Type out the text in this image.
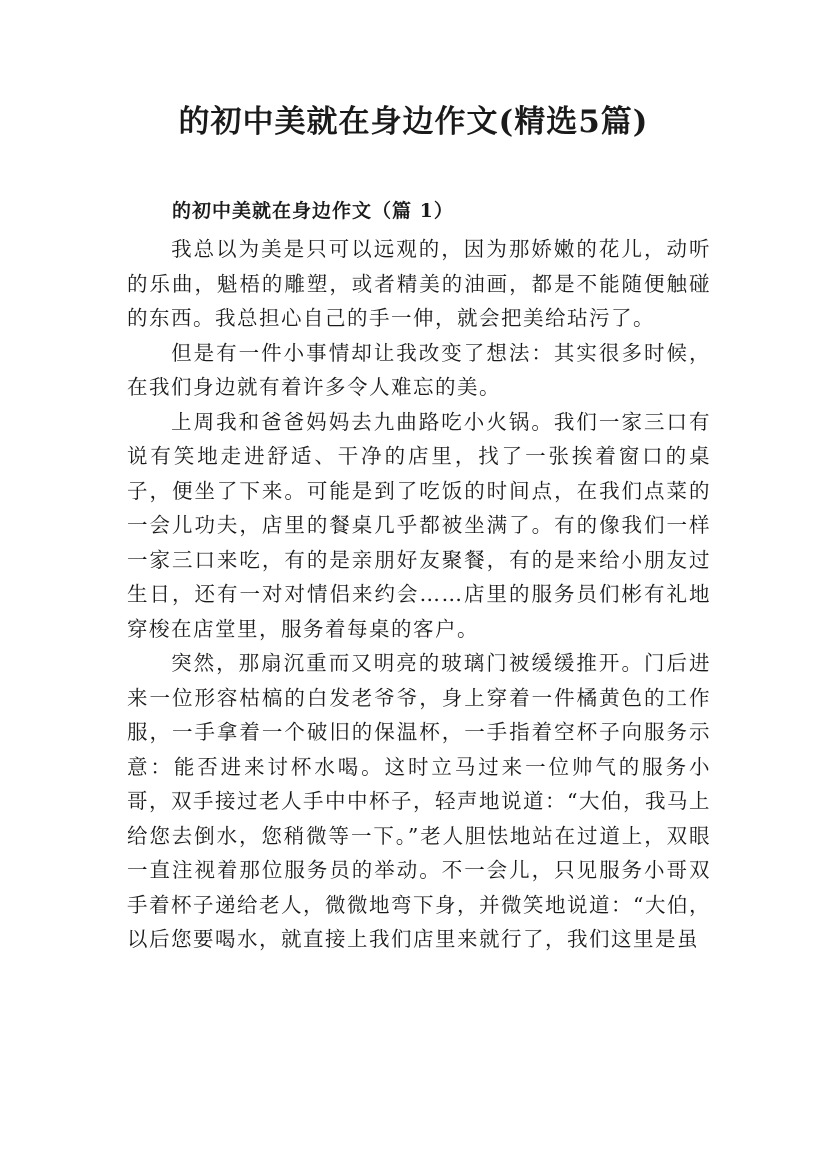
的初中美就在身边作文(精选5篇)
的初中美就在身边作文（篇 1）

我总以为美是只可以远观的，因为那娇嫩的花儿，动听的乐曲，魁梧的雕塑，或者精美的油画，都是不能随便触碰的东西。我总担心自己的手一伸，就会把美给玷污了。

但是有一件小事情却让我改变了想法：其实很多时候，在我们身边就有着许多令人难忘的美。

上周我和爸爸妈妈去九曲路吃小火锅。我们一家三口有说有笑地走进舒适、干净的店里，找了一张挨着窗口的桌子，便坐了下来。可能是到了吃饭的时间点，在我们点菜的一会儿功夫，店里的餐桌几乎都被坐满了。有的像我们一样一家三口来吃，有的是亲朋好友聚餐，有的是来给小朋友过生日，还有一对对情侣来约会……店里的服务员们彬有礼地穿梭在店堂里，服务着每桌的客户。

突然，那扇沉重而又明亮的玻璃门被缓缓推开。门后进来一位形容枯槁的白发老爷爷，身上穿着一件橘黄色的工作服，一手拿着一个破旧的保温杯，一手指着空杯子向服务示意：能否进来讨杯水喝。这时立马过来一位帅气的服务小哥，双手接过老人手中中杯子，轻声地说道：“大伯，我马上给您去倒水，您稍微等一下。”老人胆怯地站在过道上，双眼一直注视着那位服务员的举动。不一会儿，只见服务小哥双手着杯子递给老人，微微地弯下身，并微笑地说道：“大伯，以后您要喝水，就直接上我们店里来就行了，我们这里是虽
